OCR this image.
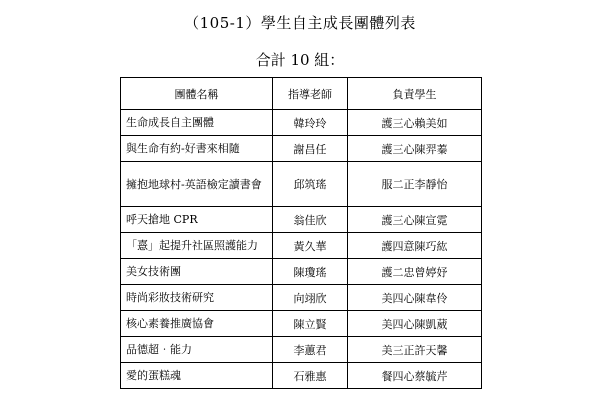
（105-1）學生自主成長團體列表
合計 10 組：
團體名稱	指導老師	負責學生
生命成長自主團體	韓玲玲	護三心賴美如
與生命有約-好書來相隨	謝昌任	護三心陳羿蓁
擁抱地球村-英語檢定讀書會	邱筑瑤	服二正李靜怡
呼天搶地 CPR	翁佳欣	護三心陳宣霓
「憙」起提升社區照護能力	黃久華	護四意陳巧紘
美女技術團	陳瓊瑤	護二忠曾婷妤
時尚彩妝技術研究	向翊欣	美四心陳韋伶
核心素養推廣協會	陳立賢	美四心陳凱葳
品德超‧能力	李蕙君	美三正許天馨
愛的蛋糕魂	石雅惠	餐四心蔡毓芹
